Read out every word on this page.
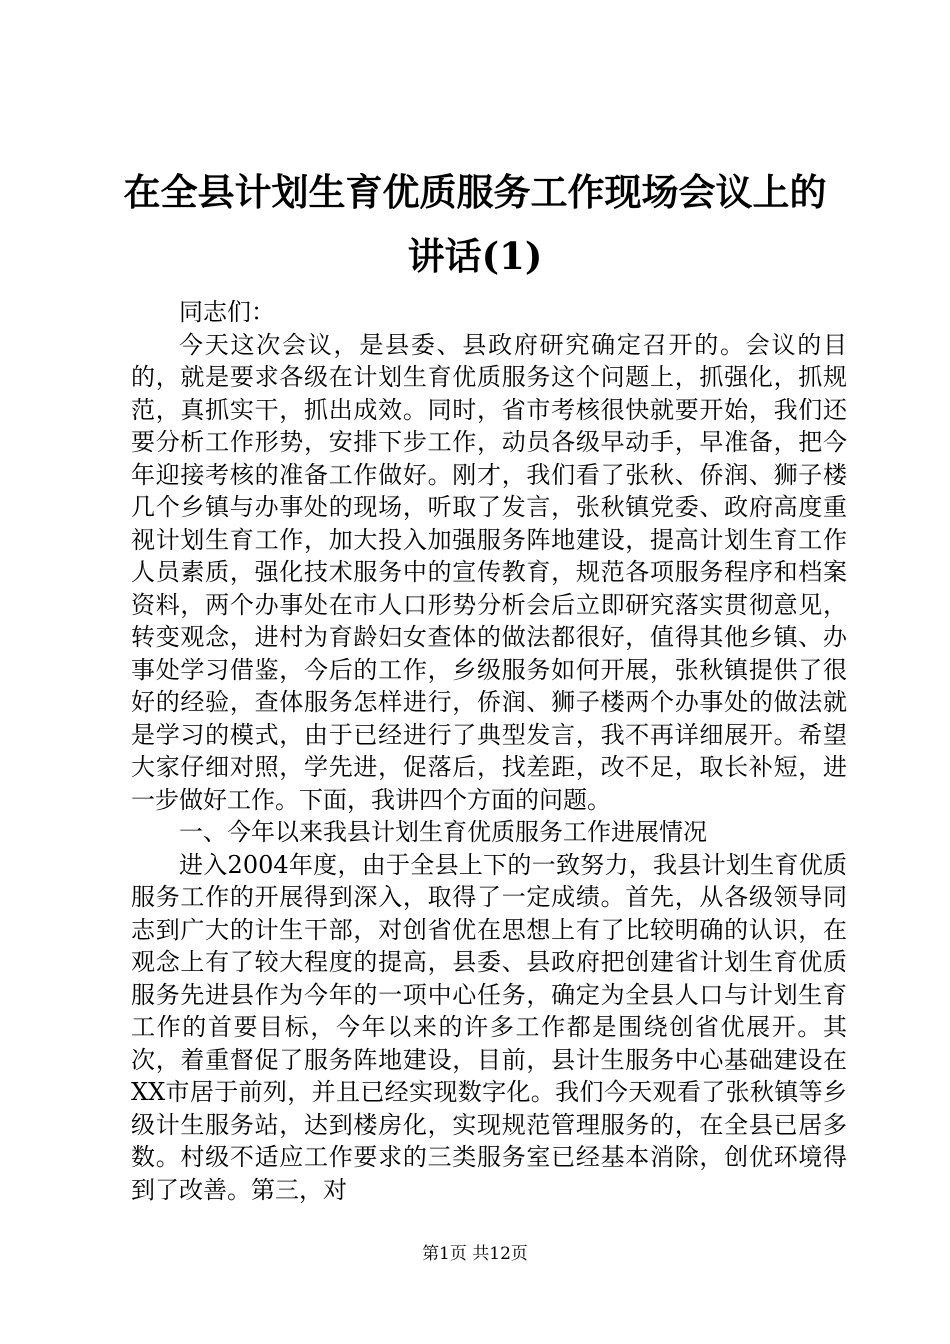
在全县计划生育优质服务工作现场会议上的讲话(1)

同志们：

今天这次会议，是县委、县政府研究确定召开的。会议的目的，就是要求各级在计划生育优质服务这个问题上，抓强化，抓规范，真抓实干，抓出成效。同时，省市考核很快就要开始，我们还要分析工作形势，安排下步工作，动员各级早动手，早准备，把今年迎接考核的准备工作做好。刚才，我们看了张秋、侨润、狮子楼几个乡镇与办事处的现场，听取了发言，张秋镇党委、政府高度重视计划生育工作，加大投入加强服务阵地建设，提高计划生育工作人员素质，强化技术服务中的宣传教育，规范各项服务程序和档案资料，两个办事处在市人口形势分析会后立即研究落实贯彻意见，转变观念，进村为育龄妇女查体的做法都很好，值得其他乡镇、办事处学习借鉴，今后的工作，乡级服务如何开展，张秋镇提供了很好的经验，查体服务怎样进行，侨润、狮子楼两个办事处的做法就是学习的模式，由于已经进行了典型发言，我不再详细展开。希望大家仔细对照，学先进，促落后，找差距，改不足，取长补短，进一步做好工作。下面，我讲四个方面的问题。

一、今年以来我县计划生育优质服务工作进展情况

进入2004年度，由于全县上下的一致努力，我县计划生育优质服务工作的开展得到深入，取得了一定成绩。首先，从各级领导同志到广大的计生干部，对创省优在思想上有了比较明确的认识，在观念上有了较大程度的提高，县委、县政府把创建省计划生育优质服务先进县作为今年的一项中心任务，确定为全县人口与计划生育工作的首要目标，今年以来的许多工作都是围绕创省优展开。其次，着重督促了服务阵地建设，目前，县计生服务中心基础建设在XX市居于前列，并且已经实现数字化。我们今天观看了张秋镇等乡级计生服务站，达到楼房化，实现规范管理服务的，在全县已居多数。村级不适应工作要求的三类服务室已经基本消除，创优环境得到了改善。第三，对

第1页 共12页
